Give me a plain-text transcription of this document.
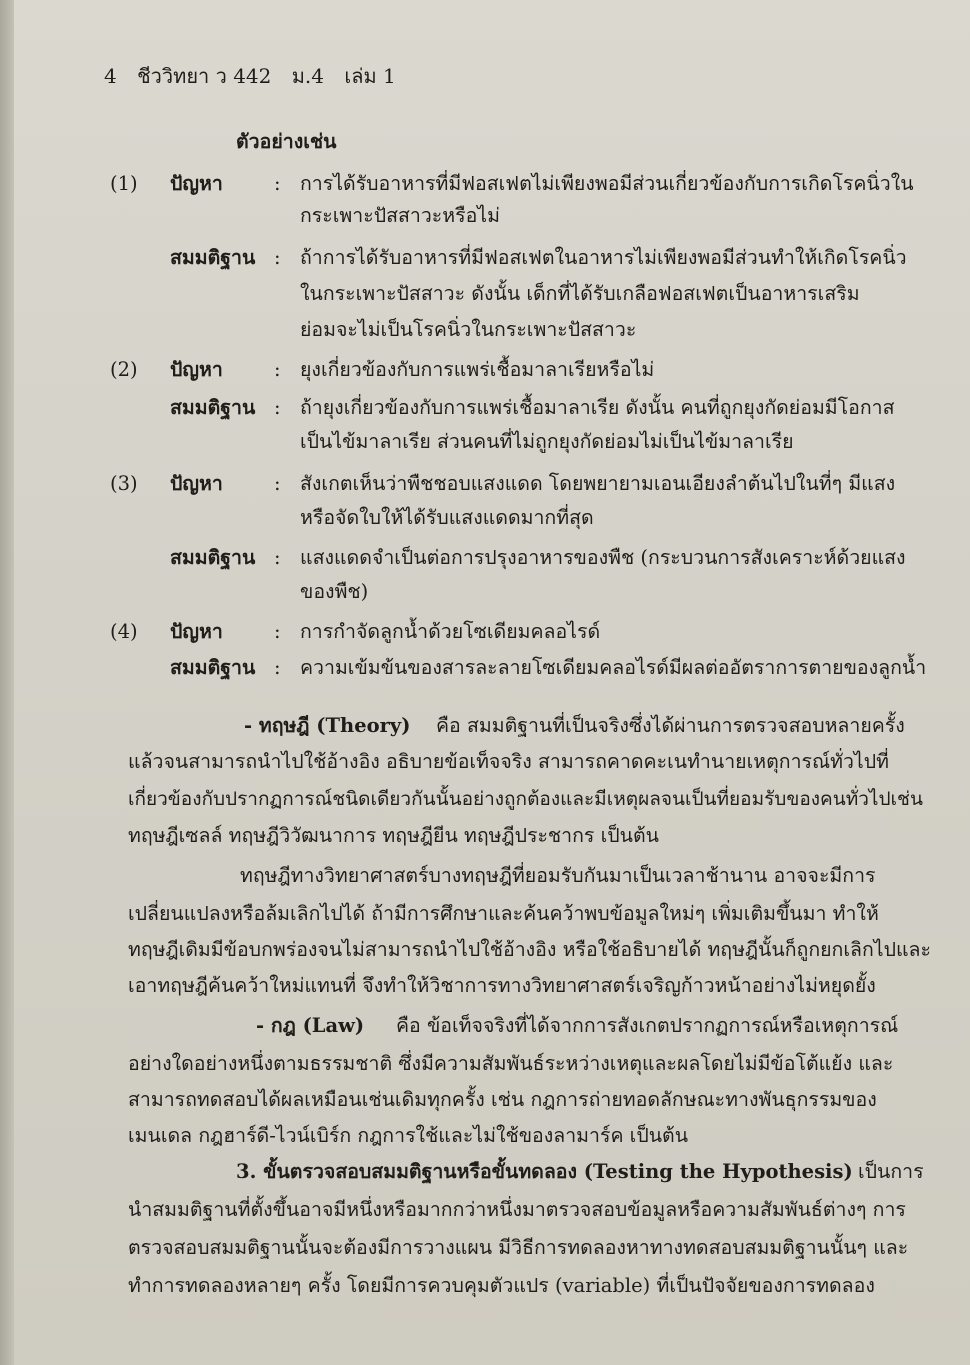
4 ชีววิทยา ว 442 ม.4 เล่ม 1
ตัวอย่างเช่น
(1) ปัญหา	: การได้รับอาหารที่มีฟอสเฟตไม่เพียงพอมีส่วนเกี่ยวข้องกับการเกิดโรคนิ่วใน
กระเพาะปัสสาวะหรือไม่
สมมติฐาน : ถ้าการได้รับอาหารที่มีฟอสเฟตในอาหารไม่เพียงพอมีส่วนทำให้เกิดโรคนิ่ว
ในกระเพาะปัสสาวะ ดังนั้น เด็กที่ได้รับเกลือฟอสเฟตเป็นอาหารเสริม
ย่อมจะไม่เป็นโรคนิ่วในกระเพาะปัสสาวะ
(2) ปัญหา	: ยุงเกี่ยวข้องกับการแพร่เชื้อมาลาเรียหรือไม่
สมมติฐาน : ถ้ายุงเกี่ยวข้องกับการแพร่เชื้อมาลาเรีย ดังนั้น คนที่ถูกยุงกัดย่อมมีโอกาส
เป็นไข้มาลาเรีย ส่วนคนที่ไม่ถูกยุงกัดย่อมไม่เป็นไข้มาลาเรีย
(3) ปัญหา	: สังเกตเห็นว่าพืชชอบแสงแดด โดยพยายามเอนเอียงลำต้นไปในที่ๆ มีแสง
หรือจัดใบให้ได้รับแสงแดดมากที่สุด
สมมติฐาน : แสงแดดจำเป็นต่อการปรุงอาหารของพืช (กระบวนการสังเคราะห์ด้วยแสง
ของพืช)
(4) ปัญหา	: การกำจัดลูกน้ำด้วยโซเดียมคลอไรด์
สมมติฐาน : ความเข้มข้นของสารละลายโซเดียมคลอไรด์มีผลต่ออัตราการตายของลูกน้ำ
- ทฤษฎี (Theory) คือ สมมติฐานที่เป็นจริงซึ่งได้ผ่านการตรวจสอบหลายครั้ง
แล้วจนสามารถนำไปใช้อ้างอิง อธิบายข้อเท็จจริง สามารถคาดคะเนทำนายเหตุการณ์ทั่วไปที่
เกี่ยวข้องกับปรากฏการณ์ชนิดเดียวกันนั้นอย่างถูกต้องและมีเหตุผลจนเป็นที่ยอมรับของคนทั่วไปเช่น
ทฤษฎีเซลล์ ทฤษฎีวิวัฒนาการ ทฤษฎียีน ทฤษฎีประชากร เป็นต้น
ทฤษฎีทางวิทยาศาสตร์บางทฤษฎีที่ยอมรับกันมาเป็นเวลาช้านาน อาจจะมีการ
เปลี่ยนแปลงหรือล้มเลิกไปได้ ถ้ามีการศึกษาและค้นคว้าพบข้อมูลใหม่ๆ เพิ่มเติมขึ้นมา ทำให้
ทฤษฎีเดิมมีข้อบกพร่องจนไม่สามารถนำไปใช้อ้างอิง หรือใช้อธิบายได้ ทฤษฎีนั้นก็ถูกยกเลิกไปและ
เอาทฤษฎีค้นคว้าใหม่แทนที่ จึงทำให้วิชาการทางวิทยาศาสตร์เจริญก้าวหน้าอย่างไม่หยุดยั้ง
- กฎ (Law) คือ ข้อเท็จจริงที่ได้จากการสังเกตปรากฏการณ์หรือเหตุการณ์
อย่างใดอย่างหนึ่งตามธรรมชาติ ซึ่งมีความสัมพันธ์ระหว่างเหตุและผลโดยไม่มีข้อโต้แย้ง และ
สามารถทดสอบได้ผลเหมือนเช่นเดิมทุกครั้ง เช่น กฎการถ่ายทอดลักษณะทางพันธุกรรมของ
เมนเดล กฎฮาร์ดี-ไวน์เบิร์ก กฎการใช้และไม่ใช้ของลามาร์ค เป็นต้น
3. ขั้นตรวจสอบสมมติฐานหรือขั้นทดลอง (Testing the Hypothesis) เป็นการ
นำสมมติฐานที่ตั้งขึ้นอาจมีหนึ่งหรือมากกว่าหนึ่งมาตรวจสอบข้อมูลหรือความสัมพันธ์ต่างๆ การ
ตรวจสอบสมมติฐานนั้นจะต้องมีการวางแผน มีวิธีการทดลองหาทางทดสอบสมมติฐานนั้นๆ และ
ทำการทดลองหลายๆ ครั้ง โดยมีการควบคุมตัวแปร (variable) ที่เป็นปัจจัยของการทดลอง
